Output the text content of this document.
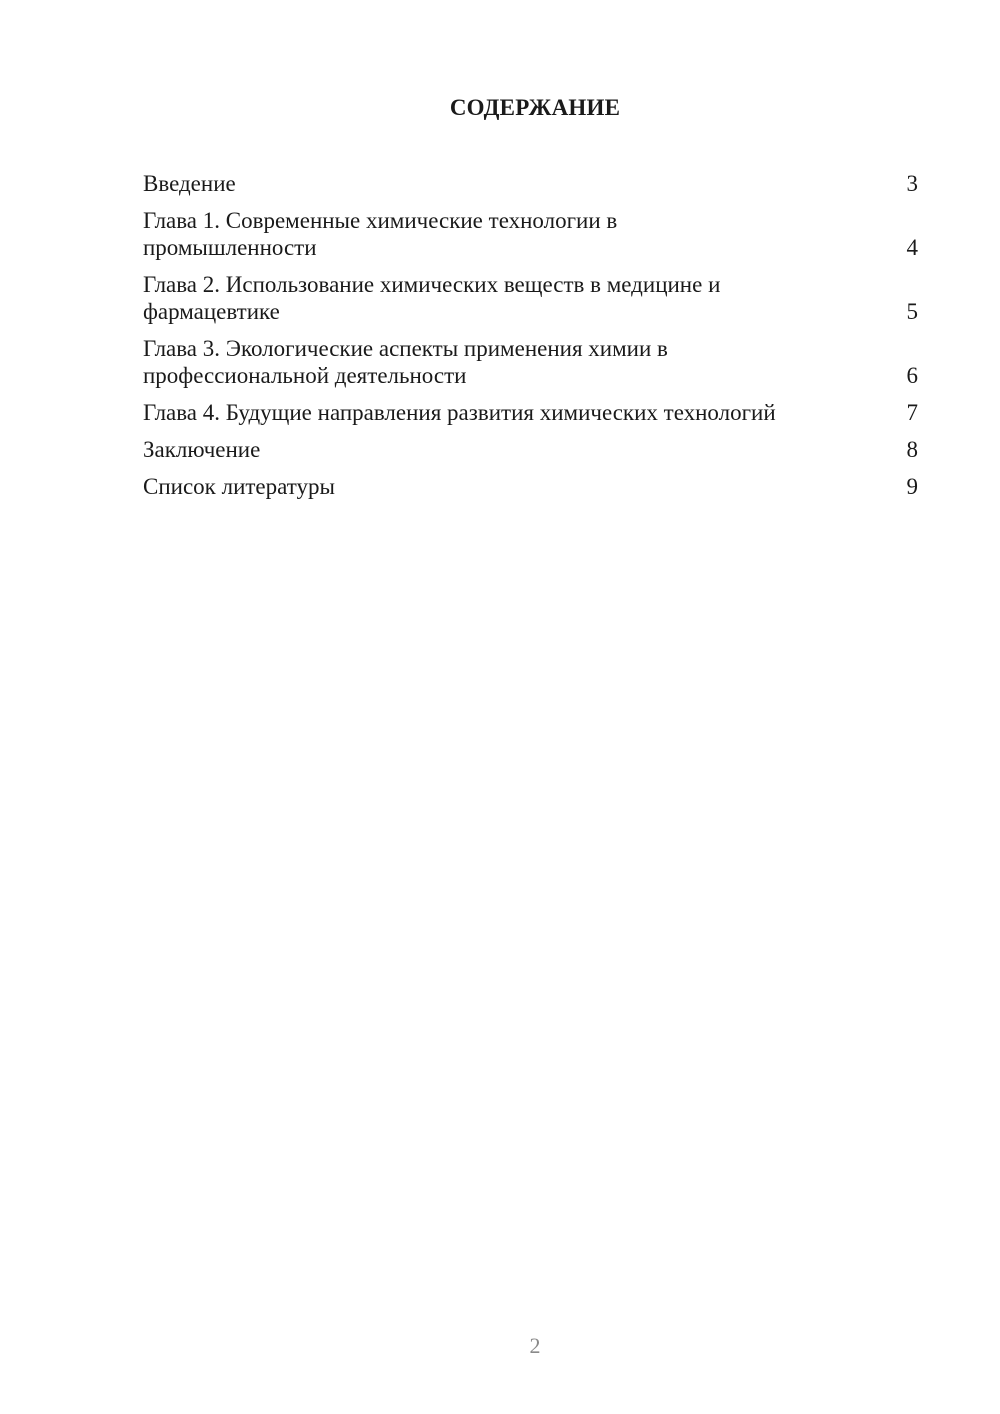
СОДЕРЖАНИЕ
Введение	3
Глава 1. Современные химические технологии в промышленности	4
Глава 2. Использование химических веществ в медицине и фармацевтике	5
Глава 3. Экологические аспекты применения химии в профессиональной деятельности	6
Глава 4. Будущие направления развития химических технологий	7
Заключение	8
Список литературы	9
2
